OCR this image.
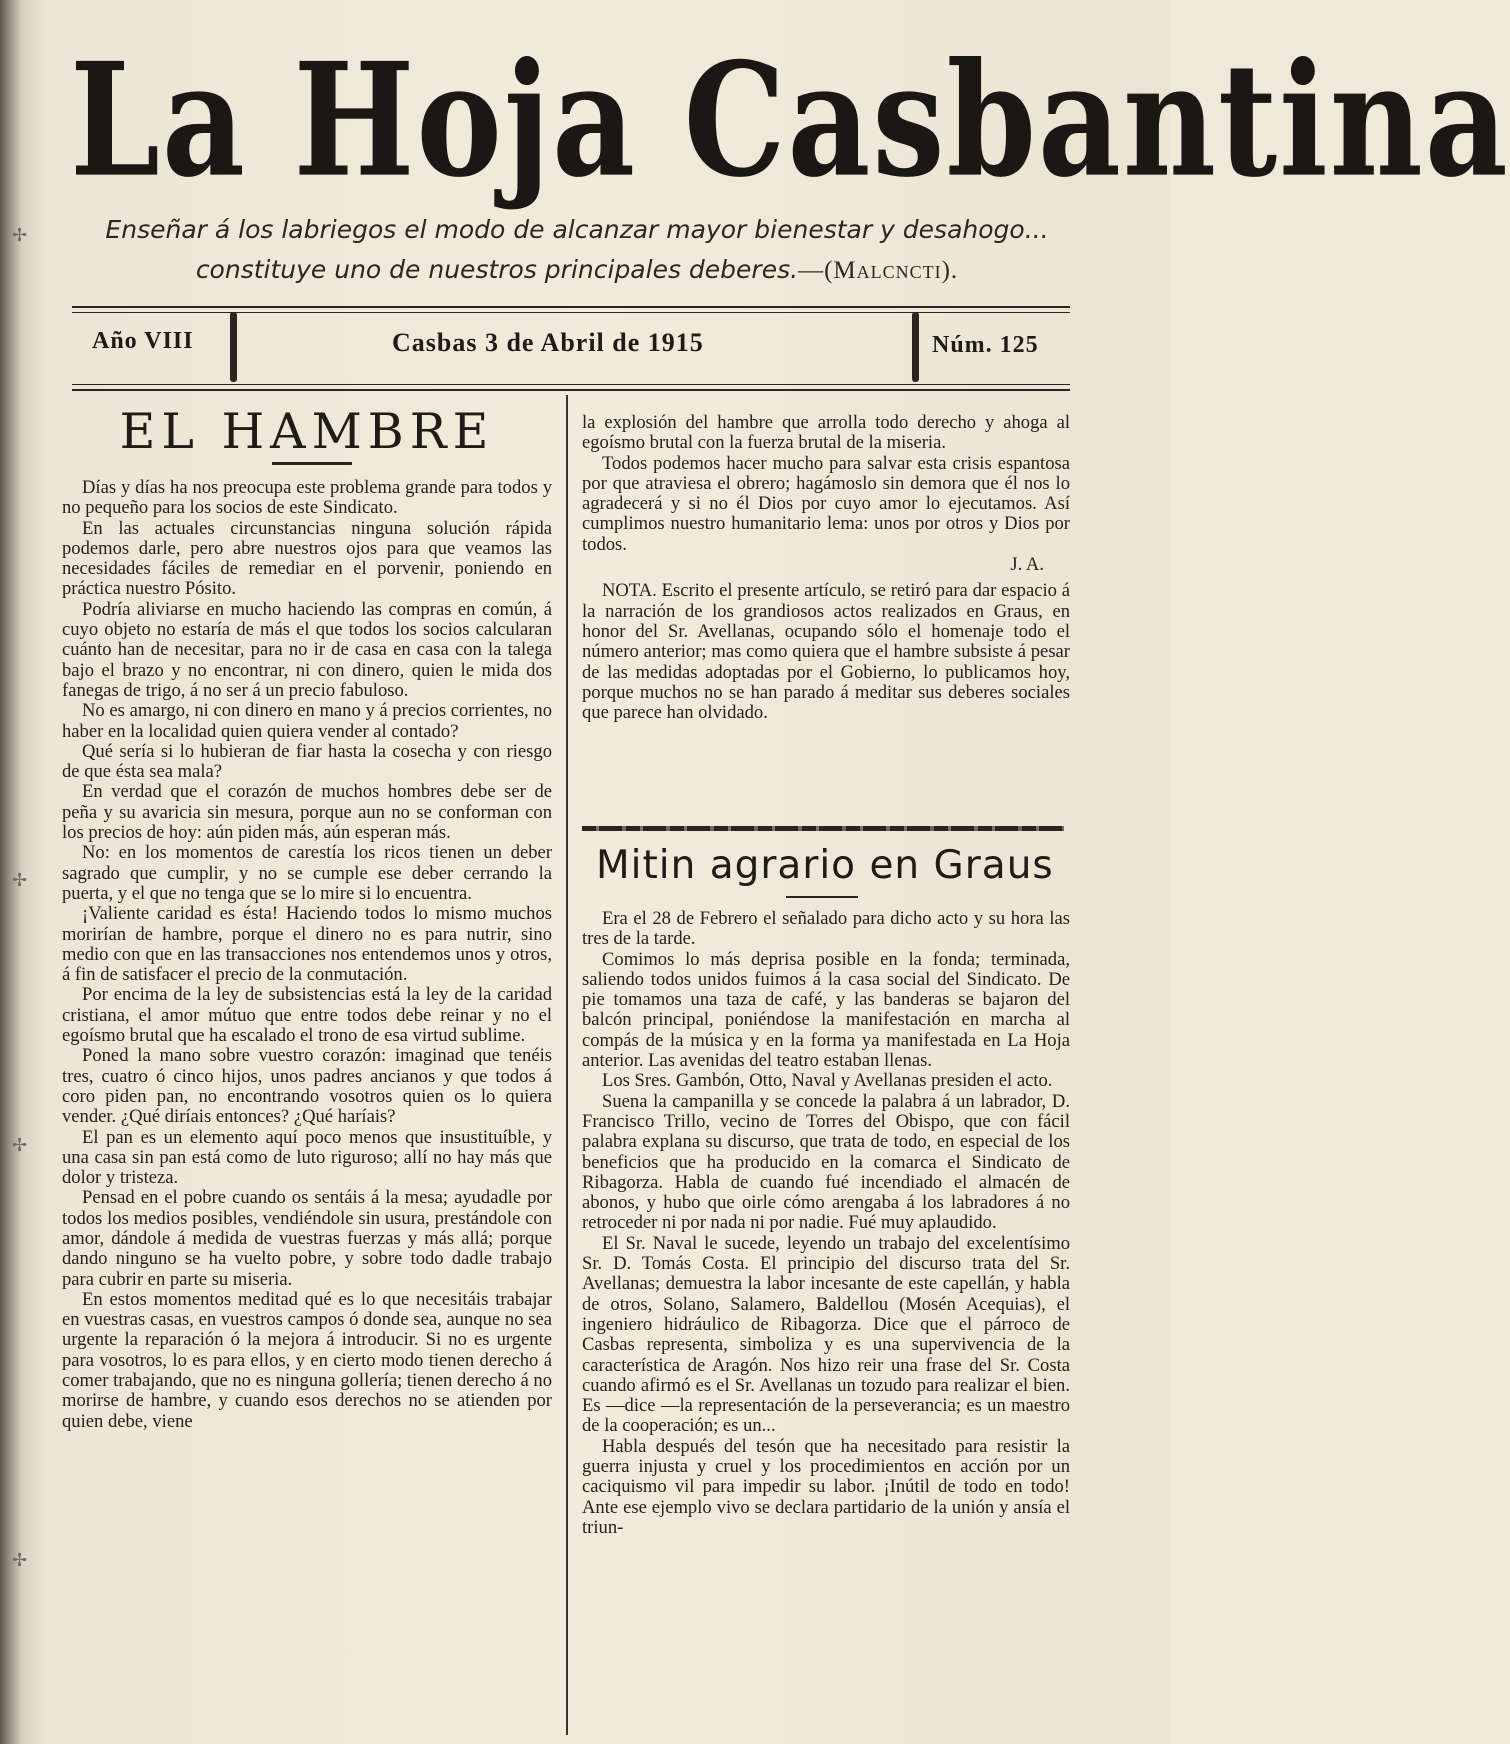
✢
✢
✢
✢
La Hoja Casbantina
Enseñar á los labriegos el modo de alcanzar mayor bienestar y desahogo...
constituye uno de nuestros principales deberes.—(Malcncti).
Año VIII	Casbas 3 de Abril de 1915	Núm. 125
EL HAMBRE

Días y días ha nos preocupa este problema grande para todos y no pequeño para los socios de este Sindicato.

En las actuales circunstancias ninguna solución rápida podemos darle, pero abre nuestros ojos para que veamos las necesidades fáciles de remediar en el porvenir, poniendo en práctica nuestro Pósito.

Podría aliviarse en mucho haciendo las compras en común, á cuyo objeto no estaría de más el que todos los socios calcularan cuánto han de necesitar, para no ir de casa en casa con la talega bajo el brazo y no encontrar, ni con dinero, quien le mida dos fanegas de trigo, á no ser á un precio fabuloso.

No es amargo, ni con dinero en mano y á precios corrientes, no haber en la localidad quien quiera vender al contado?

Qué sería si lo hubieran de fiar hasta la cosecha y con riesgo de que ésta sea mala?

En verdad que el corazón de muchos hombres debe ser de peña y su avaricia sin mesura, porque aun no se conforman con los precios de hoy: aún piden más, aún esperan más.

No: en los momentos de carestía los ricos tienen un deber sagrado que cumplir, y no se cumple ese deber cerrando la puerta, y el que no tenga que se lo mire si lo encuentra.

¡Valiente caridad es ésta! Haciendo todos lo mismo muchos morirían de hambre, porque el dinero no es para nutrir, sino medio con que en las transacciones nos entendemos unos y otros, á fin de satisfacer el precio de la conmutación.

Por encima de la ley de subsistencias está la ley de la caridad cristiana, el amor mútuo que entre todos debe reinar y no el egoísmo brutal que ha escalado el trono de esa virtud sublime.

Poned la mano sobre vuestro corazón: imaginad que tenéis tres, cuatro ó cinco hijos, unos padres ancianos y que todos á coro piden pan, no encontrando vosotros quien os lo quiera vender. ¿Qué diríais entonces? ¿Qué haríais?

El pan es un elemento aquí poco menos que insustituíble, y una casa sin pan está como de luto riguroso; allí no hay más que dolor y tristeza.

Pensad en el pobre cuando os sentáis á la mesa; ayudadle por todos los medios posibles, vendiéndole sin usura, prestándole con amor, dándole á medida de vuestras fuerzas y más allá; porque dando ninguno se ha vuelto pobre, y sobre todo dadle trabajo para cubrir en parte su miseria.

En estos momentos meditad qué es lo que necesitáis trabajar en vuestras casas, en vuestros campos ó donde sea, aunque no sea urgente la reparación ó la mejora á introducir. Si no es urgente para vosotros, lo es para ellos, y en cierto modo tienen derecho á comer trabajando, que no es ninguna gollería; tienen derecho á no morirse de hambre, y cuando esos derechos no se atienden por quien debe, viene

la explosión del hambre que arrolla todo derecho y ahoga al egoísmo brutal con la fuerza brutal de la miseria.

Todos podemos hacer mucho para salvar esta crisis espantosa por que atraviesa el obrero; hagámoslo sin demora que él nos lo agradecerá y si no él Dios por cuyo amor lo ejecutamos. Así cumplimos nuestro humanitario lema: unos por otros y Dios por todos.

J. A.

NOTA. Escrito el presente artículo, se retiró para dar espacio á la narración de los grandiosos actos realizados en Graus, en honor del Sr. Avellanas, ocupando sólo el homenaje todo el número anterior; mas como quiera que el hambre subsiste á pesar de las medidas adoptadas por el Gobierno, lo publicamos hoy, porque muchos no se han parado á meditar sus deberes sociales que parece han olvidado.

Mitin agrario en Graus

Era el 28 de Febrero el señalado para dicho acto y su hora las tres de la tarde.

Comimos lo más deprisa posible en la fonda; terminada, saliendo todos unidos fuimos á la casa social del Sindicato. De pie tomamos una taza de café, y las banderas se bajaron del balcón principal, poniéndose la manifestación en marcha al compás de la música y en la forma ya manifestada en La Hoja anterior. Las avenidas del teatro estaban llenas.

Los Sres. Gambón, Otto, Naval y Avellanas presiden el acto.

Suena la campanilla y se concede la palabra á un labrador, D. Francisco Trillo, vecino de Torres del Obispo, que con fácil palabra explana su discurso, que trata de todo, en especial de los beneficios que ha producido en la comarca el Sindicato de Ribagorza. Habla de cuando fué incendiado el almacén de abonos, y hubo que oirle cómo arengaba á los labradores á no retroceder ni por nada ni por nadie. Fué muy aplaudido.

El Sr. Naval le sucede, leyendo un trabajo del excelentísimo Sr. D. Tomás Costa. El principio del discurso trata del Sr. Avellanas; demuestra la labor incesante de este capellán, y habla de otros, Solano, Salamero, Baldellou (Mosén Acequias), el ingeniero hidráulico de Ribagorza. Dice que el párroco de Casbas representa, simboliza y es una supervivencia de la característica de Aragón. Nos hizo reir una frase del Sr. Costa cuando afirmó es el Sr. Avellanas un tozudo para realizar el bien. Es —dice —la representación de la perseverancia; es un maestro de la cooperación; es un...

Habla después del tesón que ha necesitado para resistir la guerra injusta y cruel y los procedimientos en acción por un caciquismo vil para impedir su labor. ¡Inútil de todo en todo! Ante ese ejemplo vivo se declara partidario de la unión y ansía el triun-
